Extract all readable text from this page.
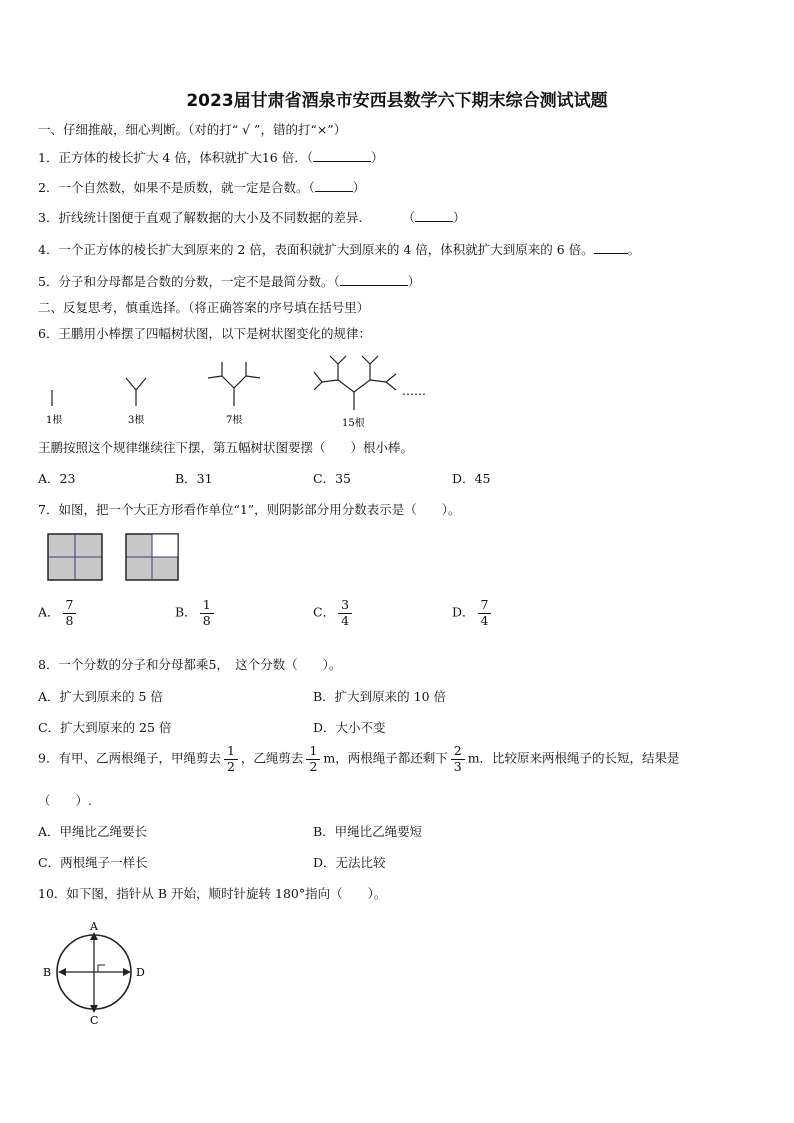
2023届甘肃省酒泉市安西县数学六下期末综合测试试题
一、仔细推敲，细心判断。（对的打“ √ ”，错的打“×”）
1．正方体的棱长扩大 4 倍，体积就扩大16 倍．（	）
2．一个自然数，如果不是质数，就一定是合数。（	）
3．折线统计图便于直观了解数据的大小及不同数据的差异.	（	）
4．一个正方体的棱长扩大到原来的 2 倍，表面积就扩大到原来的 4 倍，体积就扩大到原来的 6 倍。	。
5．分子和分母都是合数的分数，一定不是最简分数。（	）
二、反复思考，慎重选择。（将正确答案的序号填在括号里）
6．王鹏用小棒摆了四幅树状图，以下是树状图变化的规律：
1根	3根	7根	15根
……
王鹏按照这个规律继续往下摆，第五幅树状图要摆（　　）根小棒。
A．23	B．31	C．35	D．45
7．如图，把一个大正方形看作单位“1”，则阴影部分用分数表示是（　　）。
A． $\frac{7}{8}$	B． $\frac{1}{8}$	C． $\frac{3}{4}$	D． $\frac{7}{4}$
8．一个分数的分子和分母都乘5，　这个分数（　　）。
A．扩大到原来的 5 倍	B．扩大到原来的 10 倍
C．扩大到原来的 25 倍	D．大小不变
9．有甲、乙两根绳子，甲绳剪去 $\frac{1}{2}$ ，乙绳剪去 $\frac{1}{2}$ m，两根绳子都还剩下 $\frac{2}{3}$ m．比较原来两根绳子的长短，结果是
（　　）.
A．甲绳比乙绳要长	B．甲绳比乙绳要短
C．两根绳子一样长	D．无法比较
10．如下图，指针从 B 开始，顺时针旋转 180°指向（　　）。
A
B
C
D
